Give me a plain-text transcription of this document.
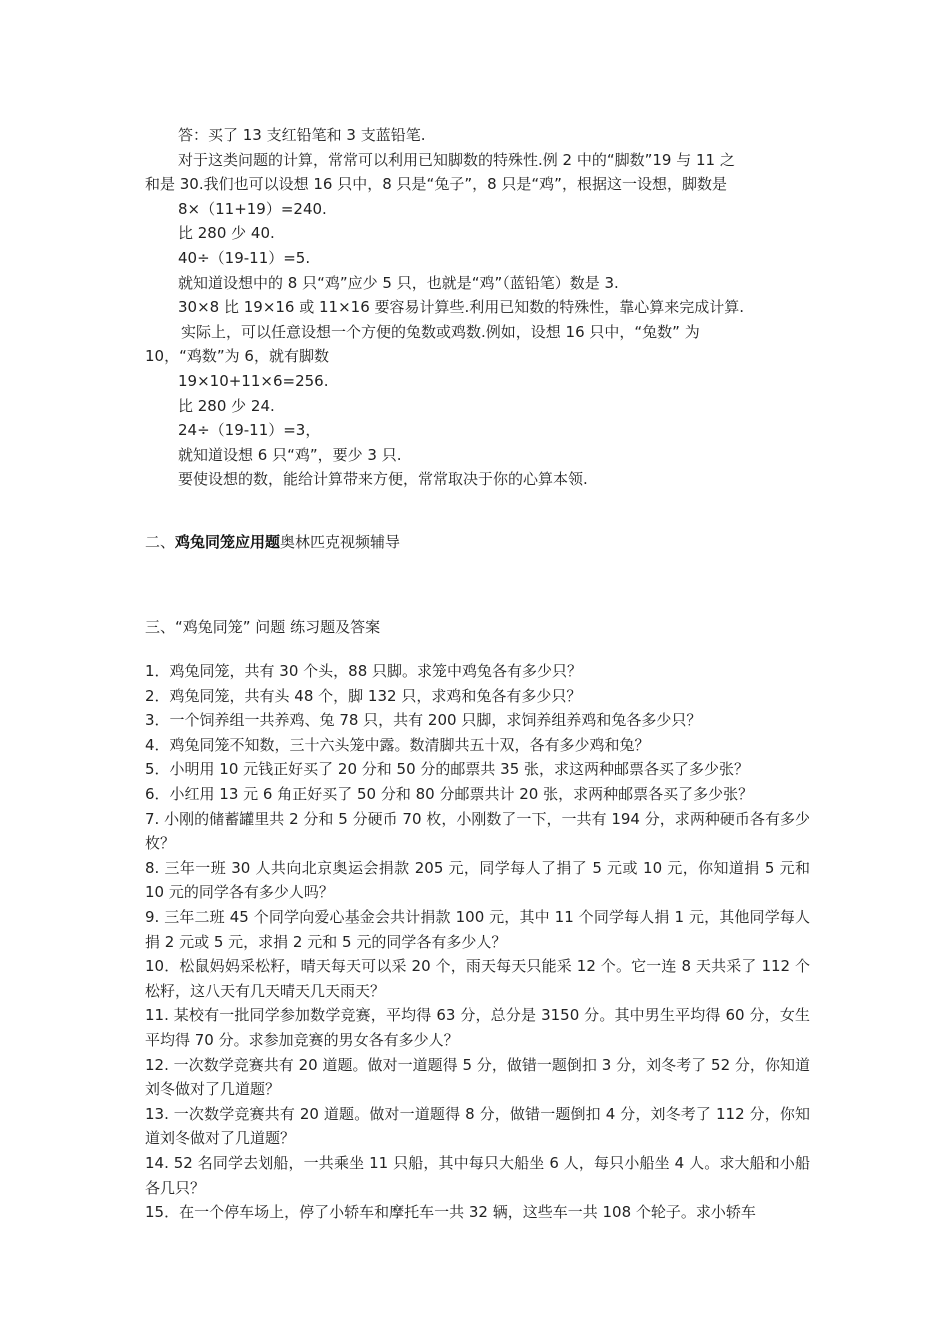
答：买了 13 支红铅笔和 3 支蓝铅笔.
对于这类问题的计算，常常可以利用已知脚数的特殊性.例 2 中的“脚数”19 与 11 之
和是 30.我们也可以设想 16 只中，8 只是“兔子”，8 只是“鸡”，根据这一设想，脚数是
8×（11+19）=240.
比 280 少 40.
40÷（19-11）=5.
就知道设想中的 8 只“鸡”应少 5 只，也就是“鸡”（蓝铅笔）数是 3.
30×8 比 19×16 或 11×16 要容易计算些.利用已知数的特殊性，靠心算来完成计算.
实际上，可以任意设想一个方便的兔数或鸡数.例如，设想 16 只中，“兔数” 为
10，“鸡数”为 6，就有脚数
19×10+11×6=256.
比 280 少 24.
24÷（19-11）=3，
就知道设想 6 只“鸡”，要少 3 只.
要使设想的数，能给计算带来方便，常常取决于你的心算本领.
二、鸡兔同笼应用题奥林匹克视频辅导
三、“鸡兔同笼” 问题 练习题及答案
1．鸡兔同笼，共有 30 个头，88 只脚。求笼中鸡兔各有多少只？
2．鸡兔同笼，共有头 48 个，脚 132 只，求鸡和兔各有多少只？
3．一个饲养组一共养鸡、兔 78 只，共有 200 只脚，求饲养组养鸡和兔各多少只？
4．鸡兔同笼不知数，三十六头笼中露。数清脚共五十双，各有多少鸡和兔？
5．小明用 10 元钱正好买了 20 分和 50 分的邮票共 35 张，求这两种邮票各买了多少张？
6．小红用 13 元 6 角正好买了 50 分和 80 分邮票共计 20 张，求两种邮票各买了多少张？
7. 小刚的储蓄罐里共 2 分和 5 分硬币 70 枚，小刚数了一下，一共有 194 分，求两种硬币各有多少枚？
8. 三年一班 30 人共向北京奥运会捐款 205 元，同学每人了捐了 5 元或 10 元，你知道捐 5 元和 10 元的同学各有多少人吗？
9. 三年二班 45 个同学向爱心基金会共计捐款 100 元，其中 11 个同学每人捐 1 元，其他同学每人捐 2 元或 5 元，求捐 2 元和 5 元的同学各有多少人？
10．松鼠妈妈采松籽，晴天每天可以采 20 个，雨天每天只能采 12 个。它一连 8 天共采了 112 个松籽，这八天有几天晴天几天雨天？
11. 某校有一批同学参加数学竞赛，平均得 63 分，总分是 3150 分。其中男生平均得 60 分，女生平均得 70 分。求参加竞赛的男女各有多少人？
12. 一次数学竞赛共有 20 道题。做对一道题得 5 分，做错一题倒扣 3 分，刘冬考了 52 分，你知道刘冬做对了几道题？
13. 一次数学竞赛共有 20 道题。做对一道题得 8 分，做错一题倒扣 4 分，刘冬考了 112 分，你知道刘冬做对了几道题？
14. 52 名同学去划船，一共乘坐 11 只船，其中每只大船坐 6 人，每只小船坐 4 人。求大船和小船各几只？
15．在一个停车场上，停了小轿车和摩托车一共 32 辆，这些车一共 108 个轮子。求小轿车
